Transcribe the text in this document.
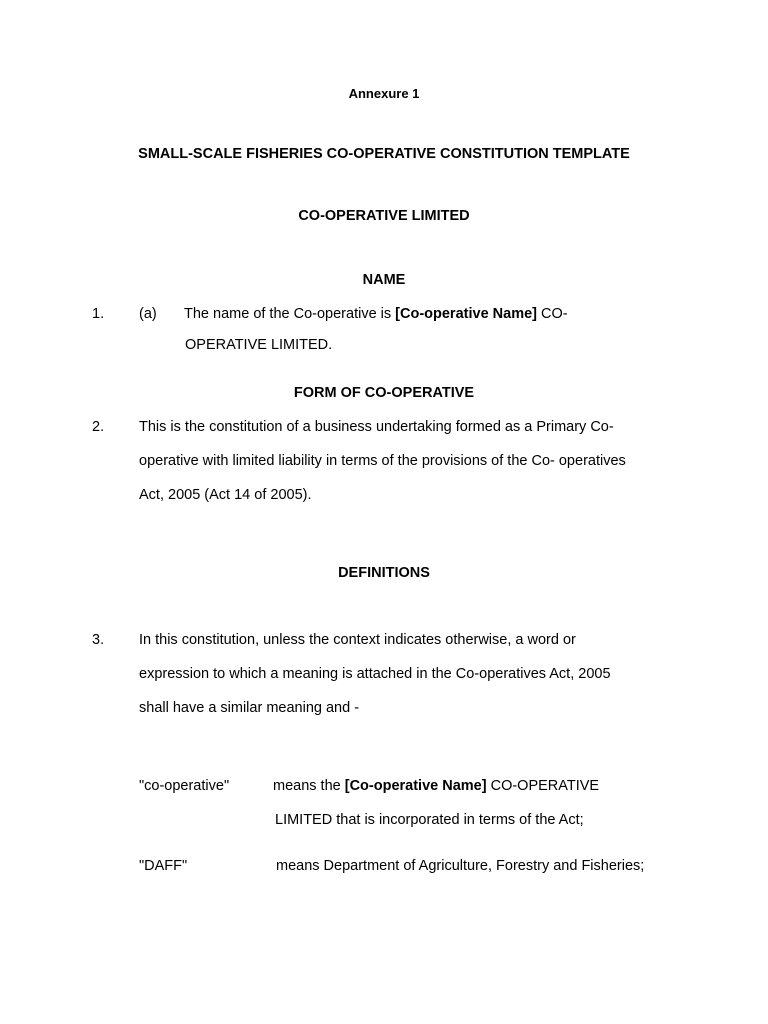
Annexure 1
SMALL-SCALE FISHERIES CO-OPERATIVE CONSTITUTION TEMPLATE
CO-OPERATIVE LIMITED
NAME
1. (a) The name of the Co-operative is [Co-operative Name] CO-
OPERATIVE LIMITED.
FORM OF CO-OPERATIVE
2. This is the constitution of a business undertaking formed as a Primary Co-
operative with limited liability in terms of the provisions of the Co- operatives
Act, 2005 (Act 14 of 2005).
DEFINITIONS
3. In this constitution, unless the context indicates otherwise, a word or
expression to which a meaning is attached in the Co-operatives Act, 2005
shall have a similar meaning and -
"co-operative"	means the [Co-operative Name] CO-OPERATIVE
LIMITED that is incorporated in terms of the Act;
"DAFF"	means Department of Agriculture, Forestry and Fisheries;
